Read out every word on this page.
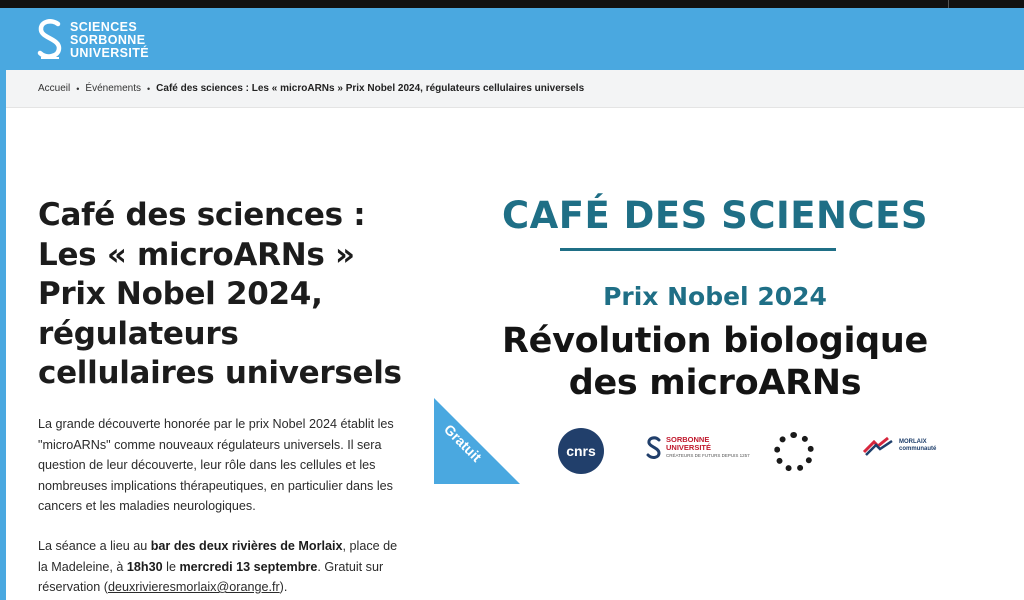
SCIENCES
SORBONNE
UNIVERSITÉ
Accueil • Événements • Café des sciences : Les « microARNs » Prix Nobel 2024, régulateurs cellulaires universels
Café des sciences : Les « microARNs » Prix Nobel 2024, régulateurs cellulaires universels

La grande découverte honorée par le prix Nobel 2024 établit les "microARNs" comme nouveaux régulateurs universels. Il sera question de leur découverte, leur rôle dans les cellules et les nombreuses implications thérapeutiques, en particulier dans les cancers et les maladies neurologiques.

La séance a lieu au bar des deux rivières de Morlaix, place de la Madeleine, à 18h30 le mercredi 13 septembre. Gratuit sur réservation (deuxrivieresmorlaix@orange.fr).

CAFÉ DES SCIENCES
Prix Nobel 2024
Révolution biologique
des microARNs
Gratuit	cnrs
SORBONNE
UNIVERSITÉ
CRÉATEURS DE FUTURS DEPUIS 1257
MORLAIX
communauté
